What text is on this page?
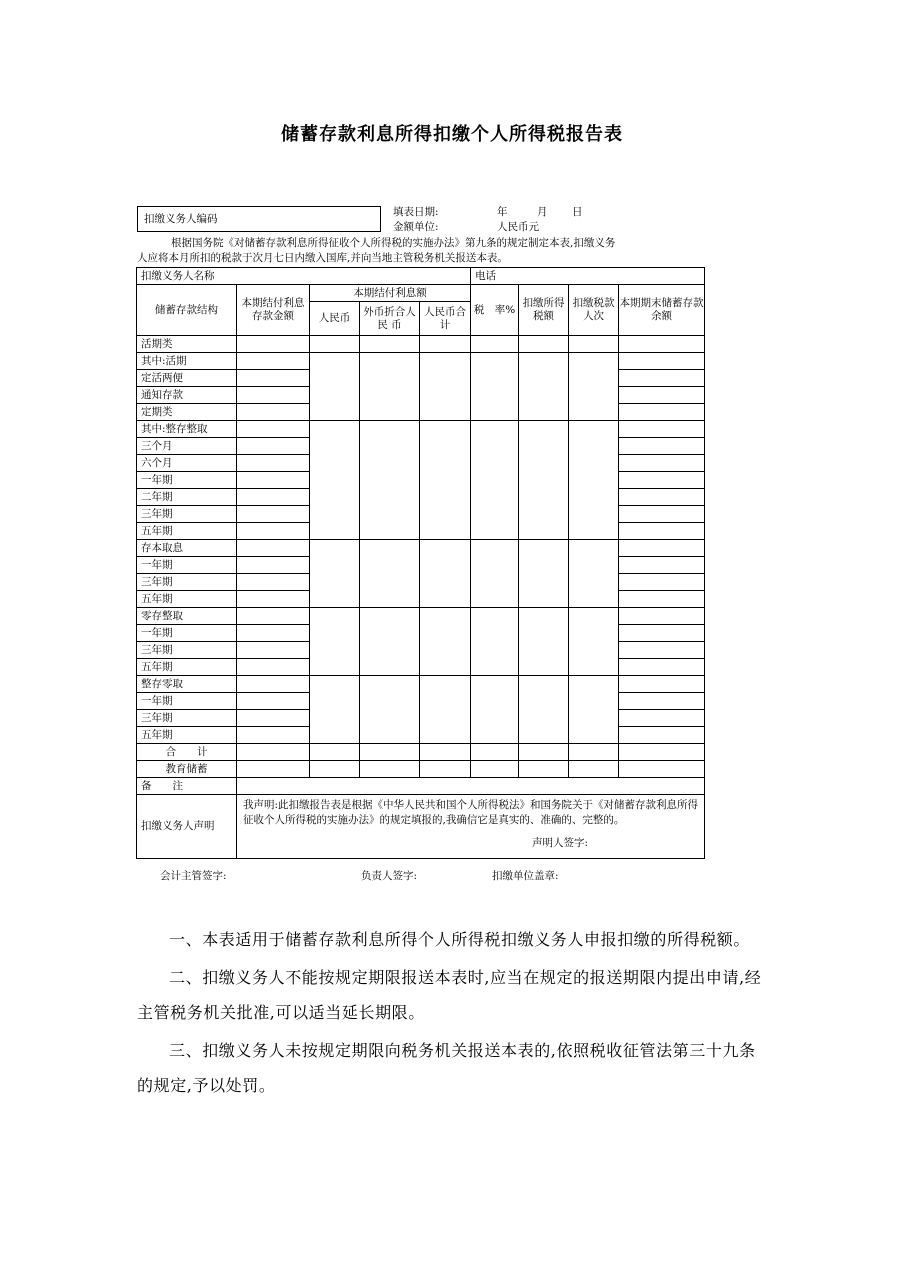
储蓄存款利息所得扣缴个人所得税报告表
扣缴义务人编码
填表日期:	年	月 日
金额单位:	人民币元

根据国务院《对储蓄存款利息所得征收个人所得税的实施办法》第九条的规定制定本表,扣缴义务

人应将本月所扣的税款于次月七日内缴入国库,并向当地主管税务机关报送本表。

扣缴义务人名称					电话			
储蓄存款结构	本期结付利息存款金额	本期结付利息额			税　率%	扣缴所得税额	扣缴税款人次	本期期末储蓄存款余额
		人民币	外币折合人 民 币	人民币合　计				
活期类								
其中:活期								
定活两便								
通知存款								
定期类								
其中:整存整取								
三个月								
六个月								
一年期								
二年期								
三年期								
五年期								
存本取息								
一年期								
三年期								
五年期								
零存整取								
一年期								
三年期								
五年期								
整存零取								
一年期								
三年期								
五年期								
合　　计								
教育储蓄								
备　　注								
扣缴义务人声明	我声明:此扣缴报告表是根据《中华人民共和国个人所得税法》和国务院关于《对储蓄存款利息所得征收个人所得税的实施办法》的规定填报的,我确信它是真实的、准确的、完整的。
声明人签字:							
会计主管签字:	负责人签字:	扣缴单位盖章:

一、本表适用于储蓄存款利息所得个人所得税扣缴义务人申报扣缴的所得税额。

二、扣缴义务人不能按规定期限报送本表时,应当在规定的报送期限内提出申请,经主管税务机关批准,可以适当延长期限。

三、扣缴义务人未按规定期限向税务机关报送本表的,依照税收征管法第三十九条的规定,予以处罚。
